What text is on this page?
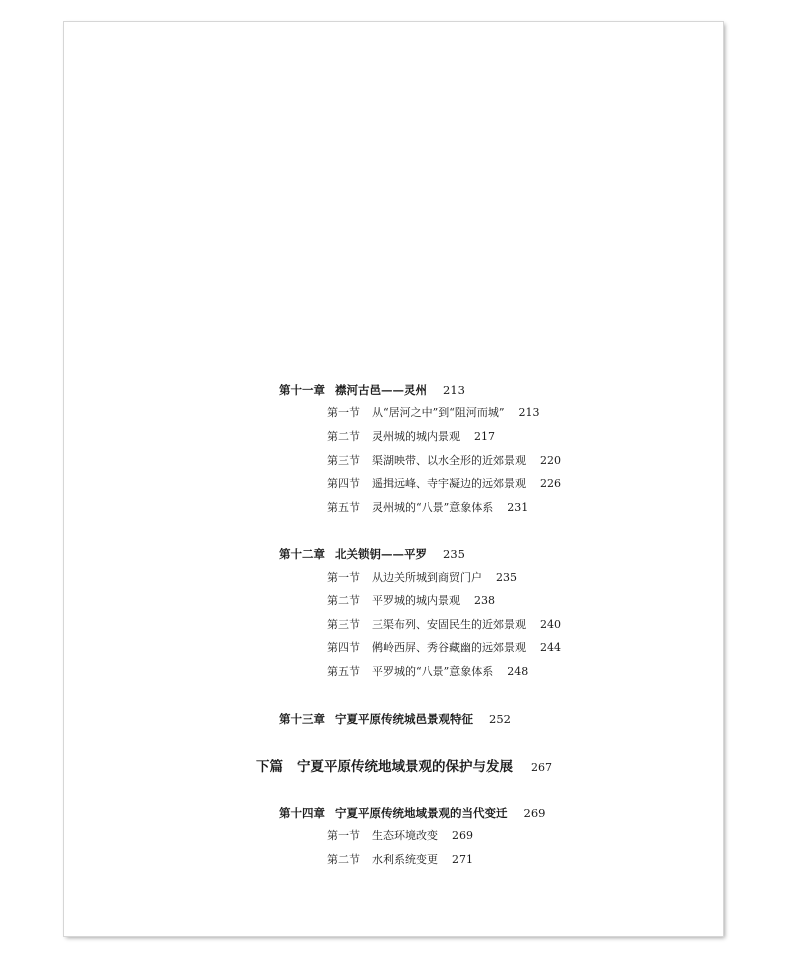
第十一章 襟河古邑——灵州 213
第一节 从“居河之中”到“阻河而城” 213
第二节 灵州城的城内景观 217
第三节 渠湖映带、以水全形的近郊景观 220
第四节 遥揖远峰、寺宇凝边的远郊景观 226
第五节 灵州城的“八景”意象体系 231
第十二章 北关锁钥——平罗 235
第一节 从边关所城到商贸门户 235
第二节 平罗城的城内景观 238
第三节 三渠布列、安固民生的近郊景观 240
第四节 鸺岭西屏、秀谷藏幽的远郊景观 244
第五节 平罗城的“八景”意象体系 248
第十三章 宁夏平原传统城邑景观特征 252
下篇 宁夏平原传统地域景观的保护与发展 267
第十四章 宁夏平原传统地域景观的当代变迁 269
第一节 生态环境改变 269
第二节 水利系统变更 271
